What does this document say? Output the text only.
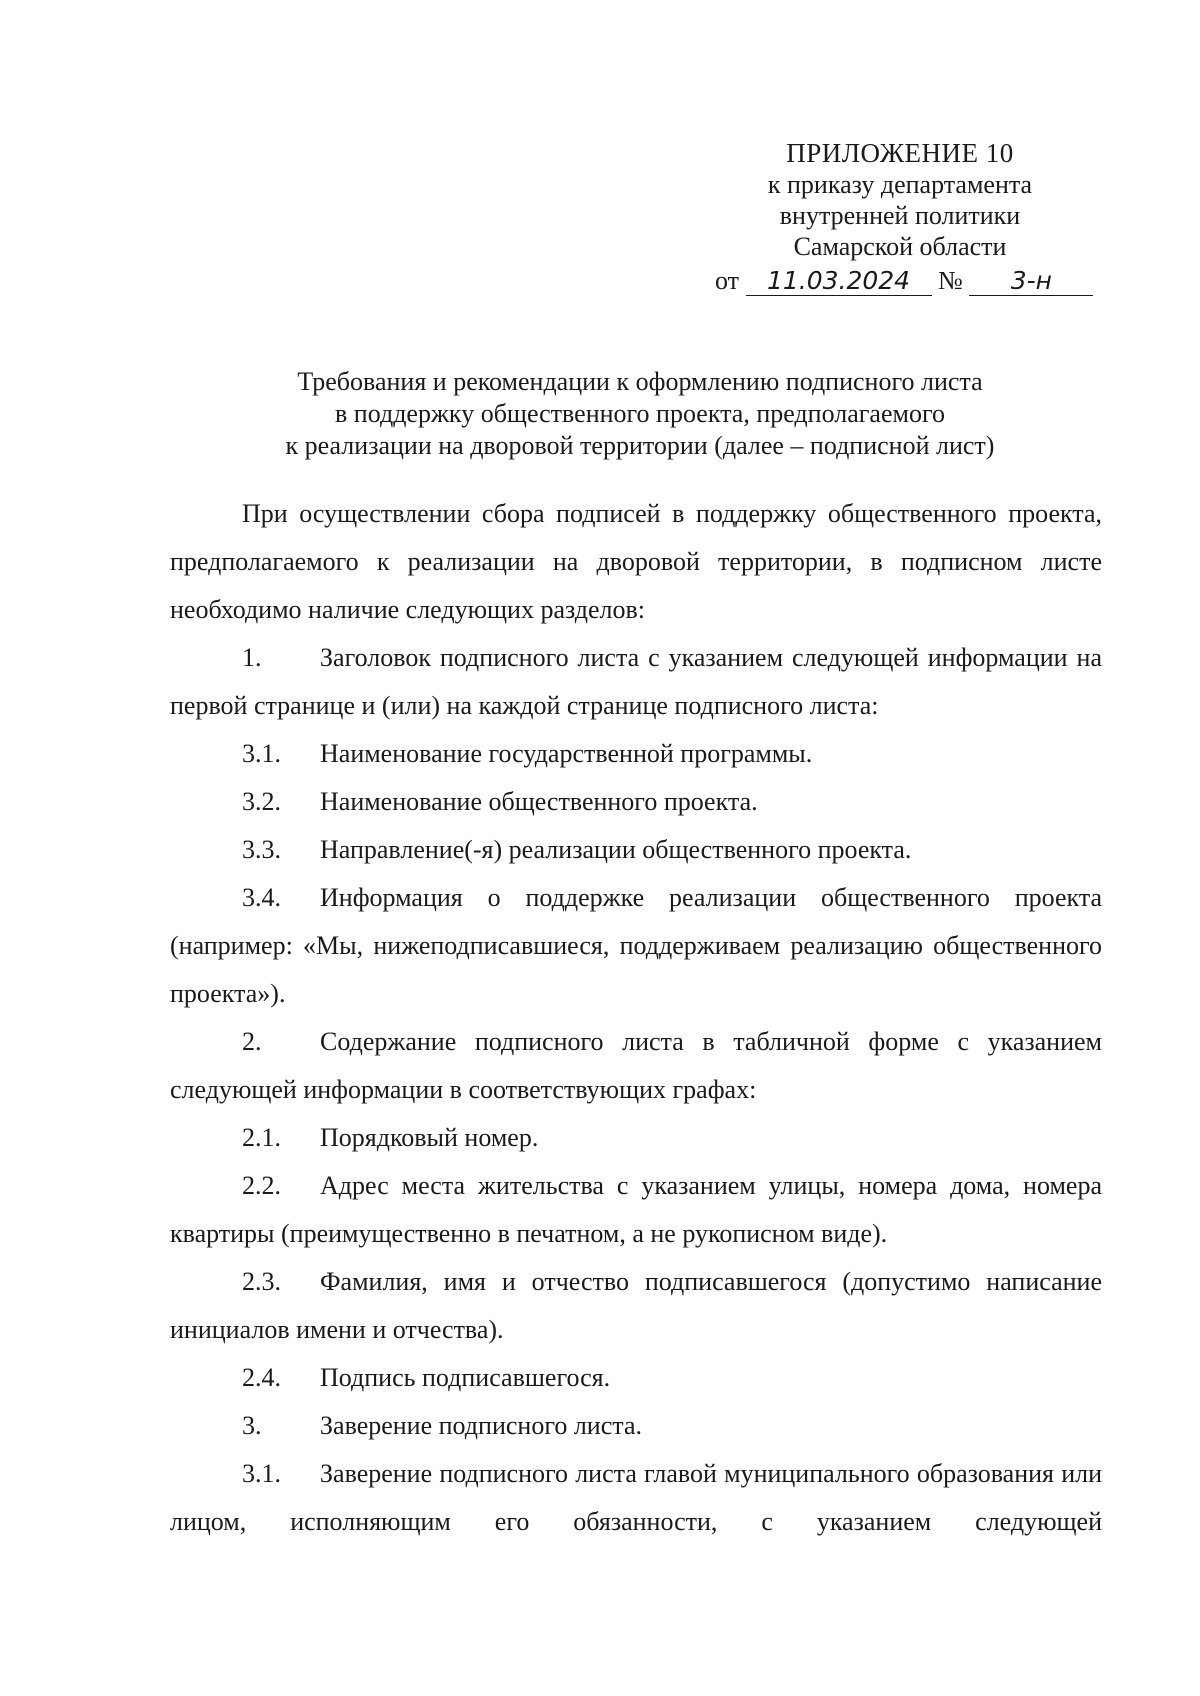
ПРИЛОЖЕНИЕ 10
к приказу департамента
внутренней политики
Самарской области
от 11.03.2024 № 3-н
Требования и рекомендации к оформлению подписного листа
в поддержку общественного проекта, предполагаемого
к реализации на дворовой территории (далее – подписной лист)

При осуществлении сбора подписей в поддержку общественного проекта, предполагаемого к реализации на дворовой территории, в подписном листе необходимо наличие следующих разделов:

1. Заголовок подписного листа с указанием следующей информации на первой странице и (или) на каждой странице подписного листа:

3.1. Наименование государственной программы.

3.2. Наименование общественного проекта.

3.3. Направление(-я) реализации общественного проекта.

3.4. Информация о поддержке реализации общественного проекта (например: «Мы, нижеподписавшиеся, поддерживаем реализацию общественного проекта»).

2. Содержание подписного листа в табличной форме с указанием следующей информации в соответствующих графах:

2.1. Порядковый номер.

2.2. Адрес места жительства с указанием улицы, номера дома, номера квартиры (преимущественно в печатном, а не рукописном виде).

2.3. Фамилия, имя и отчество подписавшегося (допустимо написание инициалов имени и отчества).

2.4. Подпись подписавшегося.

3. Заверение подписного листа.

3.1. Заверение подписного листа главой муниципального образования или лицом, исполняющим его обязанности, с указанием следующей
